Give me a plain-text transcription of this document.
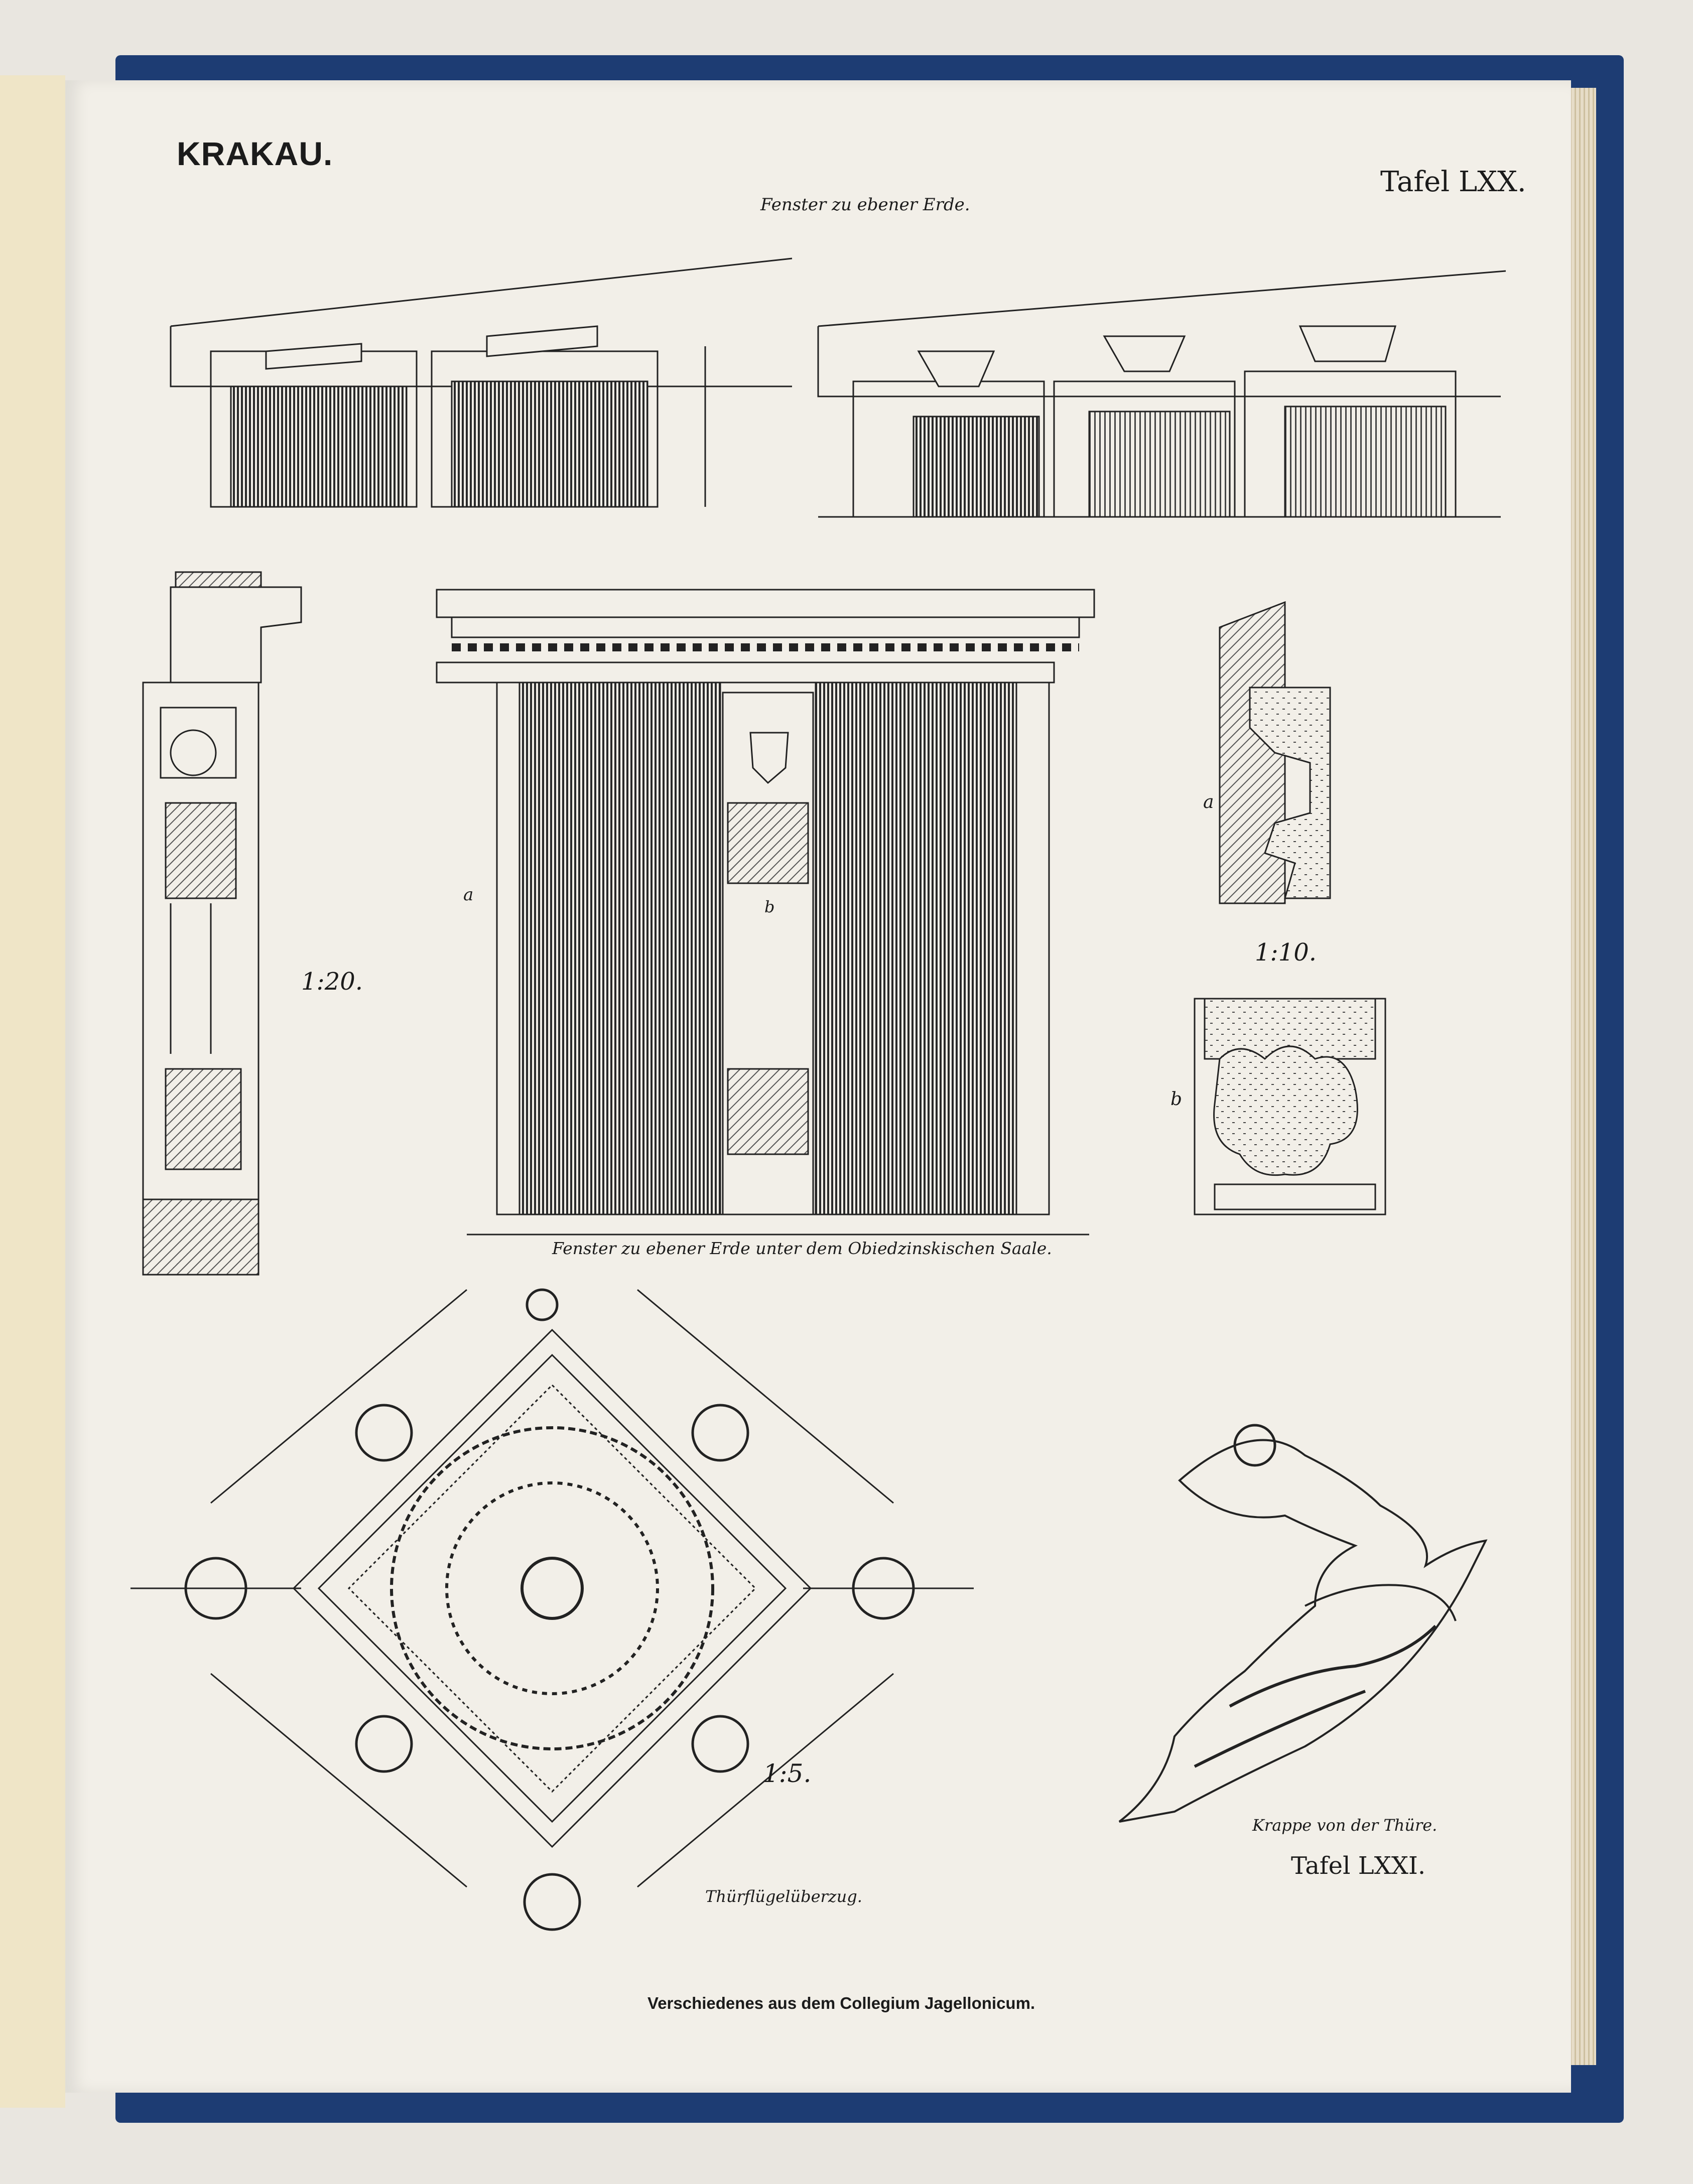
KRAKAU.
Tafel LXX.
Fenster zu ebener Erde.
1:20.
1:10.
a
b
a
b
Fenster zu ebener Erde unter dem Obiedzinskischen Saale.
1:5.
Thürflügelüberzug.
Krappe von der Thüre.
Tafel LXXI.
Verschiedenes aus dem Collegium Jagellonicum.
